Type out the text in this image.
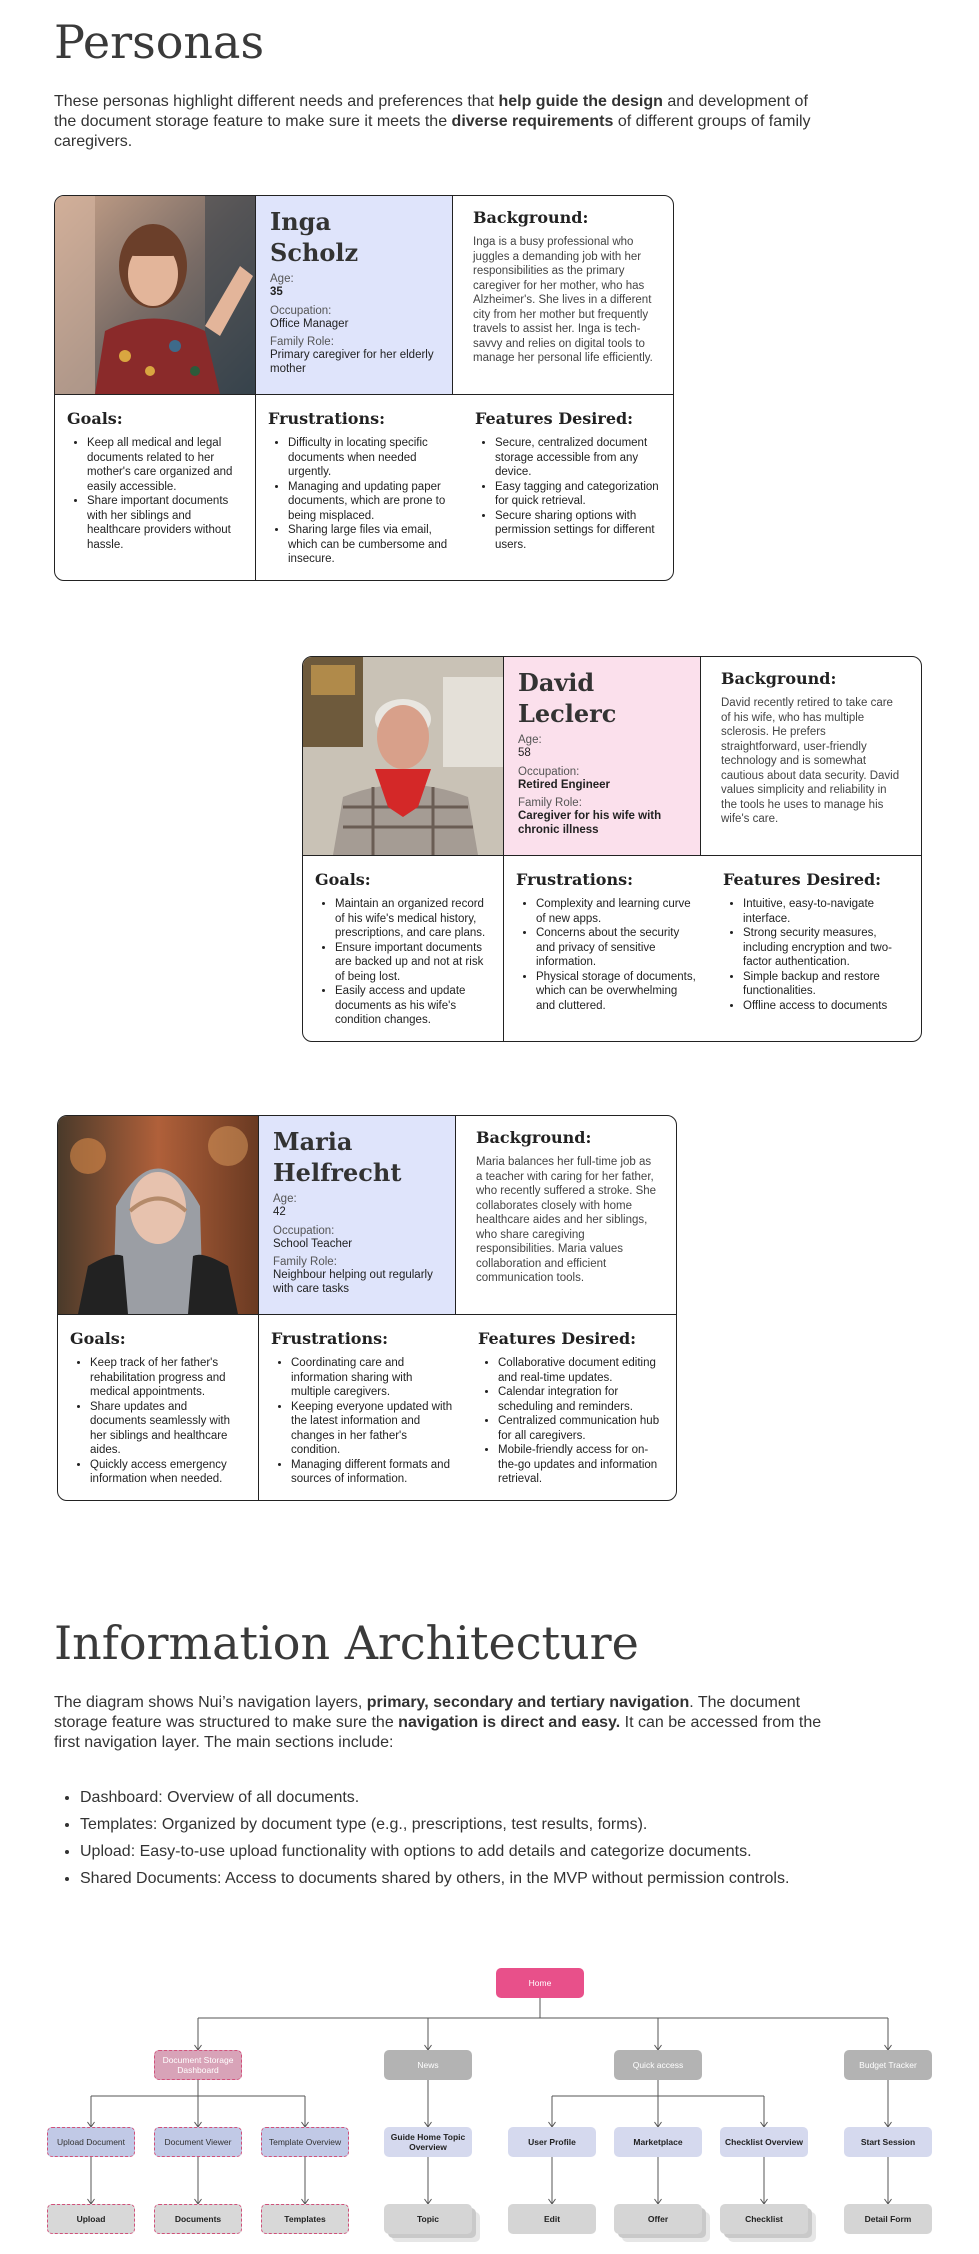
Personas

These personas highlight different needs and preferences that help guide the design and development of the document storage feature to make sure it meets the diverse requirements of different groups of family caregivers.

Inga
Scholz
Age:
35
Occupation:
Office Manager
Family Role:
Primary caregiver for her elderly mother
Background:

Inga is a busy professional who juggles a demanding job with her responsibilities as the primary caregiver for her mother, who has Alzheimer's. She lives in a different city from her mother but frequently travels to assist her. Inga is tech-savvy and relies on digital tools to manage her personal life efficiently.

Goals:
• Keep all medical and legal documents related to her mother's care organized and easily accessible.
• Share important documents with her siblings and healthcare providers without hassle.
Frustrations:
• Difficulty in locating specific documents when needed urgently.
• Managing and updating paper documents, which are prone to being misplaced.
• Sharing large files via email, which can be cumbersome and insecure.
Features Desired:
• Secure, centralized document storage accessible from any device.
• Easy tagging and categorization for quick retrieval.
• Secure sharing options with permission settings for different users.
David
Leclerc
Age:
58
Occupation:
Retired Engineer
Family Role:
Caregiver for his wife with chronic illness
Background:

David recently retired to take care of his wife, who has multiple sclerosis. He prefers straightforward, user-friendly technology and is somewhat cautious about data security. David values simplicity and reliability in the tools he uses to manage his wife's care.

Goals:
• Maintain an organized record of his wife's medical history, prescriptions, and care plans.
• Ensure important documents are backed up and not at risk of being lost.
• Easily access and update documents as his wife's condition changes.
Frustrations:
• Complexity and learning curve of new apps.
• Concerns about the security and privacy of sensitive information.
• Physical storage of documents, which can be overwhelming and cluttered.
Features Desired:
• Intuitive, easy-to-navigate interface.
• Strong security measures, including encryption and two-factor authentication.
• Simple backup and restore functionalities.
• Offline access to documents
Maria
Helfrecht
Age:
42
Occupation:
School Teacher
Family Role:
Neighbour helping out regularly with care tasks
Background:

Maria balances her full-time job as a teacher with caring for her father, who recently suffered a stroke. She collaborates closely with home healthcare aides and her siblings, who share caregiving responsibilities. Maria values collaboration and efficient communication tools.

Goals:
• Keep track of her father's rehabilitation progress and medical appointments.
• Share updates and documents seamlessly with her siblings and healthcare aides.
• Quickly access emergency information when needed.
Frustrations:
• Coordinating care and information sharing with multiple caregivers.
• Keeping everyone updated with the latest information and changes in her father's condition.
• Managing different formats and sources of information.
Features Desired:
• Collaborative document editing and real-time updates.
• Calendar integration for scheduling and reminders.
• Centralized communication hub for all caregivers.
• Mobile-friendly access for on-the-go updates and information retrieval.
Information Architecture

The diagram shows Nui’s navigation layers, primary, secondary and tertiary navigation. The document storage feature was structured to make sure the navigation is direct and easy. It can be accessed from the first navigation layer. The main sections include:

• Dashboard: Overview of all documents.
• Templates: Organized by document type (e.g., prescriptions, test results, forms).
• Upload: Easy-to-use upload functionality with options to add details and categorize documents.
• Shared Documents: Access to documents shared by others, in the MVP without permission controls.
Home
Document Storage Dashboard	News	Quick access	Budget Tracker
Upload Document	Document Viewer	Template Overview	Guide Home Topic Overview	User Profile	Marketplace	Checklist Overview	Start Session
Upload	Documents	Templates	Topic	Edit	Offer	Checklist	Detail Form
